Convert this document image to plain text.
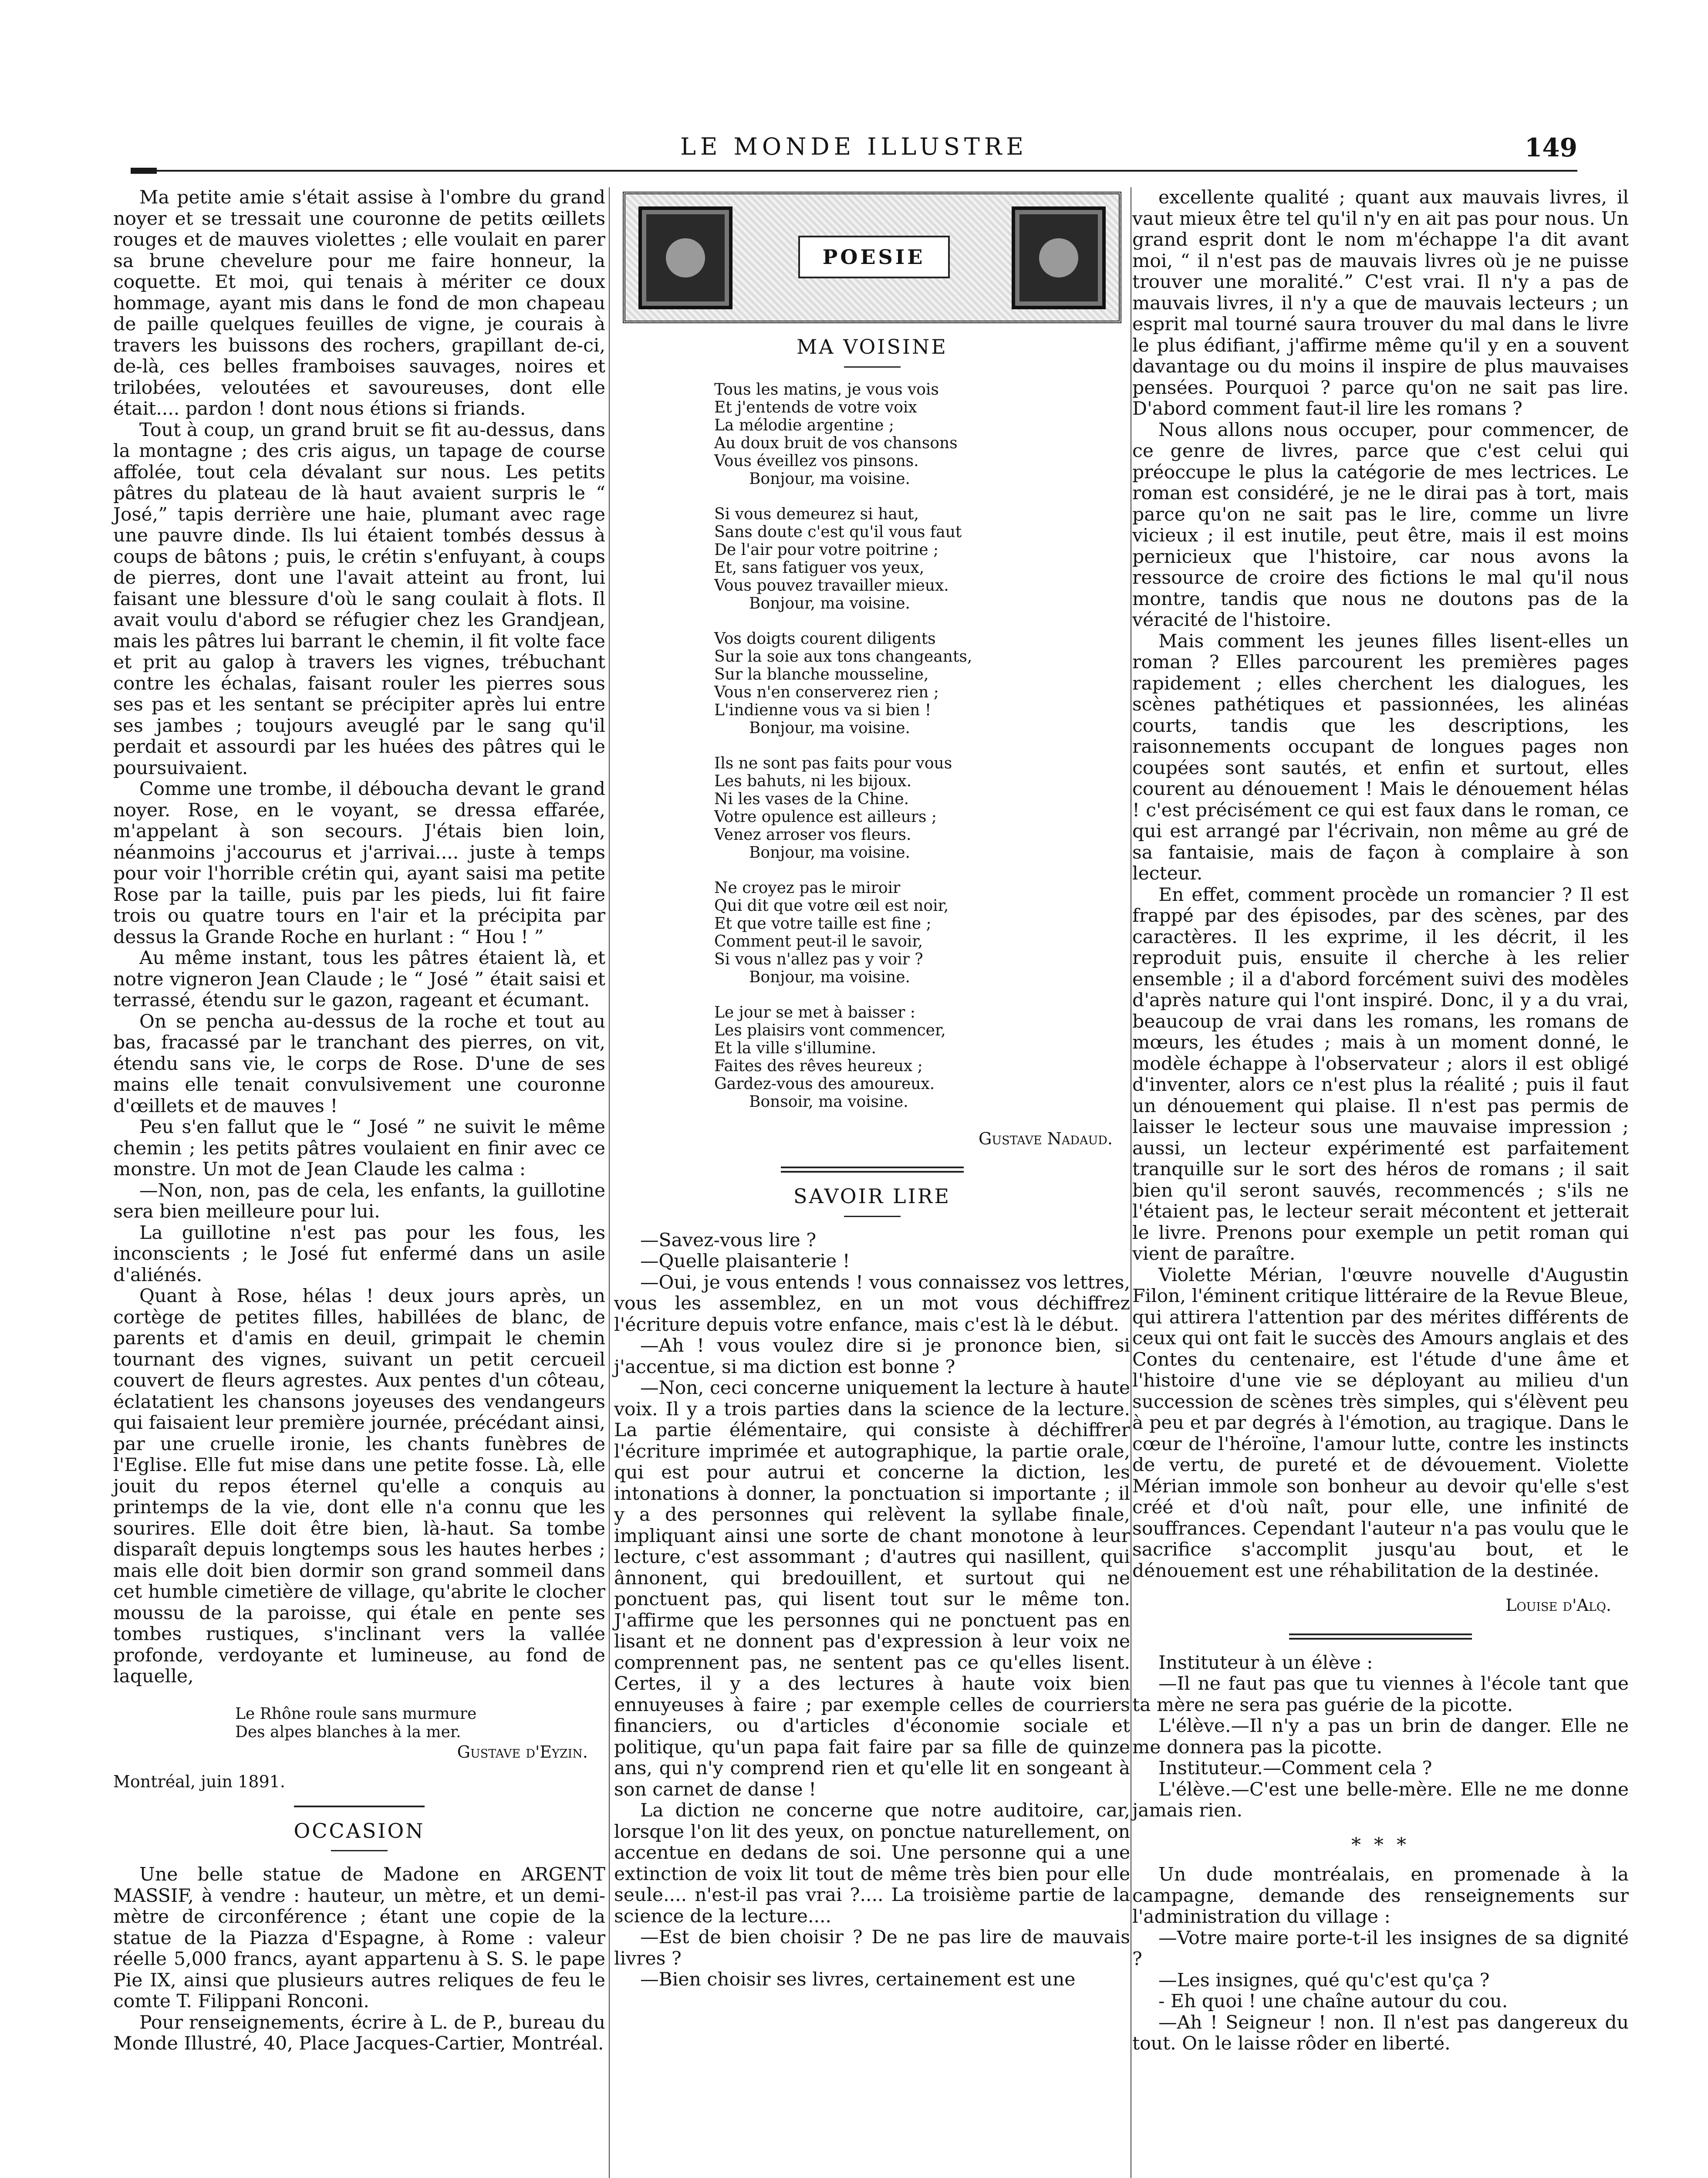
LE MONDE ILLUSTRE	149

Ma petite amie s'était assise à l'ombre du grand noyer et se tressait une couronne de petits œillets rouges et de mauves violettes ; elle voulait en parer sa brune chevelure pour me faire honneur, la coquette. Et moi, qui tenais à mériter ce doux hommage, ayant mis dans le fond de mon chapeau de paille quelques feuilles de vigne, je courais à travers les buissons des rochers, grapillant de-ci, de-là, ces belles framboises sauvages, noires et trilobées, veloutées et savoureuses, dont elle était.... pardon ! dont nous étions si friands.

Tout à coup, un grand bruit se fit au-dessus, dans la montagne ; des cris aigus, un tapage de course affolée, tout cela dévalant sur nous. Les petits pâtres du plateau de là haut avaient surpris le “ José,” tapis derrière une haie, plumant avec rage une pauvre dinde. Ils lui étaient tombés dessus à coups de bâtons ; puis, le crétin s'enfuyant, à coups de pierres, dont une l'avait atteint au front, lui faisant une blessure d'où le sang coulait à flots. Il avait voulu d'abord se réfugier chez les Grandjean, mais les pâtres lui barrant le chemin, il fit volte face et prit au galop à travers les vignes, trébuchant contre les échalas, faisant rouler les pierres sous ses pas et les sentant se précipiter après lui entre ses jambes ; toujours aveuglé par le sang qu'il perdait et assourdi par les huées des pâtres qui le poursuivaient.

Comme une trombe, il déboucha devant le grand noyer. Rose, en le voyant, se dressa effarée, m'appelant à son secours. J'étais bien loin, néanmoins j'accourus et j'arrivai.... juste à temps pour voir l'horrible crétin qui, ayant saisi ma petite Rose par la taille, puis par les pieds, lui fit faire trois ou quatre tours en l'air et la précipita par dessus la Grande Roche en hurlant : “ Hou ! ”

Au même instant, tous les pâtres étaient là, et notre vigneron Jean Claude ; le “ José ” était saisi et terrassé, étendu sur le gazon, rageant et écumant.

On se pencha au-dessus de la roche et tout au bas, fracassé par le tranchant des pierres, on vit, étendu sans vie, le corps de Rose. D'une de ses mains elle tenait convulsivement une couronne d'œillets et de mauves !

Peu s'en fallut que le “ José ” ne suivit le même chemin ; les petits pâtres voulaient en finir avec ce monstre. Un mot de Jean Claude les calma :

—Non, non, pas de cela, les enfants, la guillotine sera bien meilleure pour lui.

La guillotine n'est pas pour les fous, les inconscients ; le José fut enfermé dans un asile d'aliénés.

Quant à Rose, hélas ! deux jours après, un cortège de petites filles, habillées de blanc, de parents et d'amis en deuil, grimpait le chemin tournant des vignes, suivant un petit cercueil couvert de fleurs agrestes. Aux pentes d'un côteau, éclatatient les chansons joyeuses des vendangeurs qui faisaient leur première journée, précédant ainsi, par une cruelle ironie, les chants funèbres de l'Eglise. Elle fut mise dans une petite fosse. Là, elle jouit du repos éternel qu'elle a conquis au printemps de la vie, dont elle n'a connu que les sourires. Elle doit être bien, là-haut. Sa tombe disparaît depuis longtemps sous les hautes herbes ; mais elle doit bien dormir son grand sommeil dans cet humble cimetière de village, qu'abrite le clocher moussu de la paroisse, qui étale en pente ses tombes rustiques, s'inclinant vers la vallée profonde, verdoyante et lumineuse, au fond de laquelle,

Le Rhône roule sans murmure
Des alpes blanches à la mer.
Gustave d'Eyzin.
Montréal, juin 1891.
OCCASION

Une belle statue de Madone en ARGENT MASSIF, à vendre : hauteur, un mètre, et un demi-mètre de circonférence ; étant une copie de la statue de la Piazza d'Espagne, à Rome : valeur réelle 5,000 francs, ayant appartenu à S. S. le pape Pie IX, ainsi que plusieurs autres reliques de feu le comte T. Filippani Ronconi.

Pour renseignements, écrire à L. de P., bureau du Monde Illustré, 40, Place Jacques-Cartier, Montréal.

POESIE
MA VOISINE
Tous les matins, je vous vois
Et j'entends de votre voix
La mélodie argentine ;
Au doux bruit de vos chansons
Vous éveillez vos pinsons.
Bonjour, ma voisine.
Si vous demeurez si haut,
Sans doute c'est qu'il vous faut
De l'air pour votre poitrine ;
Et, sans fatiguer vos yeux,
Vous pouvez travailler mieux.
Bonjour, ma voisine.
Vos doigts courent diligents
Sur la soie aux tons changeants,
Sur la blanche mousseline,
Vous n'en conserverez rien ;
L'indienne vous va si bien !
Bonjour, ma voisine.
Ils ne sont pas faits pour vous
Les bahuts, ni les bijoux.
Ni les vases de la Chine.
Votre opulence est ailleurs ;
Venez arroser vos fleurs.
Bonjour, ma voisine.
Ne croyez pas le miroir
Qui dit que votre œil est noir,
Et que votre taille est fine ;
Comment peut-il le savoir,
Si vous n'allez pas y voir ?
Bonjour, ma voisine.
Le jour se met à baisser :
Les plaisirs vont commencer,
Et la ville s'illumine.
Faites des rêves heureux ;
Gardez-vous des amoureux.
Bonsoir, ma voisine.
Gustave Nadaud.
SAVOIR LIRE

—Savez-vous lire ?

—Quelle plaisanterie !

—Oui, je vous entends ! vous connaissez vos lettres, vous les assemblez, en un mot vous déchiffrez l'écriture depuis votre enfance, mais c'est là le début.

—Ah ! vous voulez dire si je prononce bien, si j'accentue, si ma diction est bonne ?

—Non, ceci concerne uniquement la lecture à haute voix. Il y a trois parties dans la science de la lecture. La partie élémentaire, qui consiste à déchiffrer l'écriture imprimée et autographique, la partie orale, qui est pour autrui et concerne la diction, les intonations à donner, la ponctuation si importante ; il y a des personnes qui relèvent la syllabe finale, impliquant ainsi une sorte de chant monotone à leur lecture, c'est assommant ; d'autres qui nasillent, qui ânnonent, qui bredouillent, et surtout qui ne ponctuent pas, qui lisent tout sur le même ton. J'affirme que les personnes qui ne ponctuent pas en lisant et ne donnent pas d'expression à leur voix ne comprennent pas, ne sentent pas ce qu'elles lisent. Certes, il y a des lectures à haute voix bien ennuyeuses à faire ; par exemple celles de courriers financiers, ou d'articles d'économie sociale et politique, qu'un papa fait faire par sa fille de quinze ans, qui n'y comprend rien et qu'elle lit en songeant à son carnet de danse !

La diction ne concerne que notre auditoire, car, lorsque l'on lit des yeux, on ponctue naturellement, on accentue en dedans de soi. Une personne qui a une extinction de voix lit tout de même très bien pour elle seule.... n'est-il pas vrai ?.... La troisième partie de la science de la lecture....

—Est de bien choisir ? De ne pas lire de mauvais livres ?

—Bien choisir ses livres, certainement est une

excellente qualité ; quant aux mauvais livres, il vaut mieux être tel qu'il n'y en ait pas pour nous. Un grand esprit dont le nom m'échappe l'a dit avant moi, “ il n'est pas de mauvais livres où je ne puisse trouver une moralité.” C'est vrai. Il n'y a pas de mauvais livres, il n'y a que de mauvais lecteurs ; un esprit mal tourné saura trouver du mal dans le livre le plus édifiant, j'affirme même qu'il y en a souvent davantage ou du moins il inspire de plus mauvaises pensées. Pourquoi ? parce qu'on ne sait pas lire. D'abord comment faut-il lire les romans ?

Nous allons nous occuper, pour commencer, de ce genre de livres, parce que c'est celui qui préoccupe le plus la catégorie de mes lectrices. Le roman est considéré, je ne le dirai pas à tort, mais parce qu'on ne sait pas le lire, comme un livre vicieux ; il est inutile, peut être, mais il est moins pernicieux que l'histoire, car nous avons la ressource de croire des fictions le mal qu'il nous montre, tandis que nous ne doutons pas de la véracité de l'histoire.

Mais comment les jeunes filles lisent-elles un roman ? Elles parcourent les premières pages rapidement ; elles cherchent les dialogues, les scènes pathétiques et passionnées, les alinéas courts, tandis que les descriptions, les raisonnements occupant de longues pages non coupées sont sautés, et enfin et surtout, elles courent au dénouement ! Mais le dénouement hélas ! c'est précisément ce qui est faux dans le roman, ce qui est arrangé par l'écrivain, non même au gré de sa fantaisie, mais de façon à complaire à son lecteur.

En effet, comment procède un romancier ? Il est frappé par des épisodes, par des scènes, par des caractères. Il les exprime, il les décrit, il les reproduit puis, ensuite il cherche à les relier ensemble ; il a d'abord forcément suivi des modèles d'après nature qui l'ont inspiré. Donc, il y a du vrai, beaucoup de vrai dans les romans, les romans de mœurs, les études ; mais à un moment donné, le modèle échappe à l'observateur ; alors il est obligé d'inventer, alors ce n'est plus la réalité ; puis il faut un dénouement qui plaise. Il n'est pas permis de laisser le lecteur sous une mauvaise impression ; aussi, un lecteur expérimenté est parfaitement tranquille sur le sort des héros de romans ; il sait bien qu'il seront sauvés, recommencés ; s'ils ne l'étaient pas, le lecteur serait mécontent et jetterait le livre. Prenons pour exemple un petit roman qui vient de paraître.

Violette Mérian, l'œuvre nouvelle d'Augustin Filon, l'éminent critique littéraire de la Revue Bleue, qui attirera l'attention par des mérites différents de ceux qui ont fait le succès des Amours anglais et des Contes du centenaire, est l'étude d'une âme et l'histoire d'une vie se déployant au milieu d'un succession de scènes très simples, qui s'élèvent peu à peu et par degrés à l'émotion, au tragique. Dans le cœur de l'héroïne, l'amour lutte, contre les instincts de vertu, de pureté et de dévouement. Violette Mérian immole son bonheur au devoir qu'elle s'est créé et d'où naît, pour elle, une infinité de souffrances. Cependant l'auteur n'a pas voulu que le sacrifice s'accomplit jusqu'au bout, et le dénouement est une réhabilitation de la destinée.

Louise d'Alq.

Instituteur à un élève :

—Il ne faut pas que tu viennes à l'école tant que ta mère ne sera pas guérie de la picotte.

L'élève.—Il n'y a pas un brin de danger. Elle ne me donnera pas la picotte.

Instituteur.—Comment cela ?

L'élève.—C'est une belle-mère. Elle ne me donne jamais rien.

* * *

Un dude montréalais, en promenade à la campagne, demande des renseignements sur l'administration du village :

—Votre maire porte-t-il les insignes de sa dignité ?

—Les insignes, qué qu'c'est qu'ça ?

- Eh quoi ! une chaîne autour du cou.

—Ah ! Seigneur ! non. Il n'est pas dangereux du tout. On le laisse rôder en liberté.
